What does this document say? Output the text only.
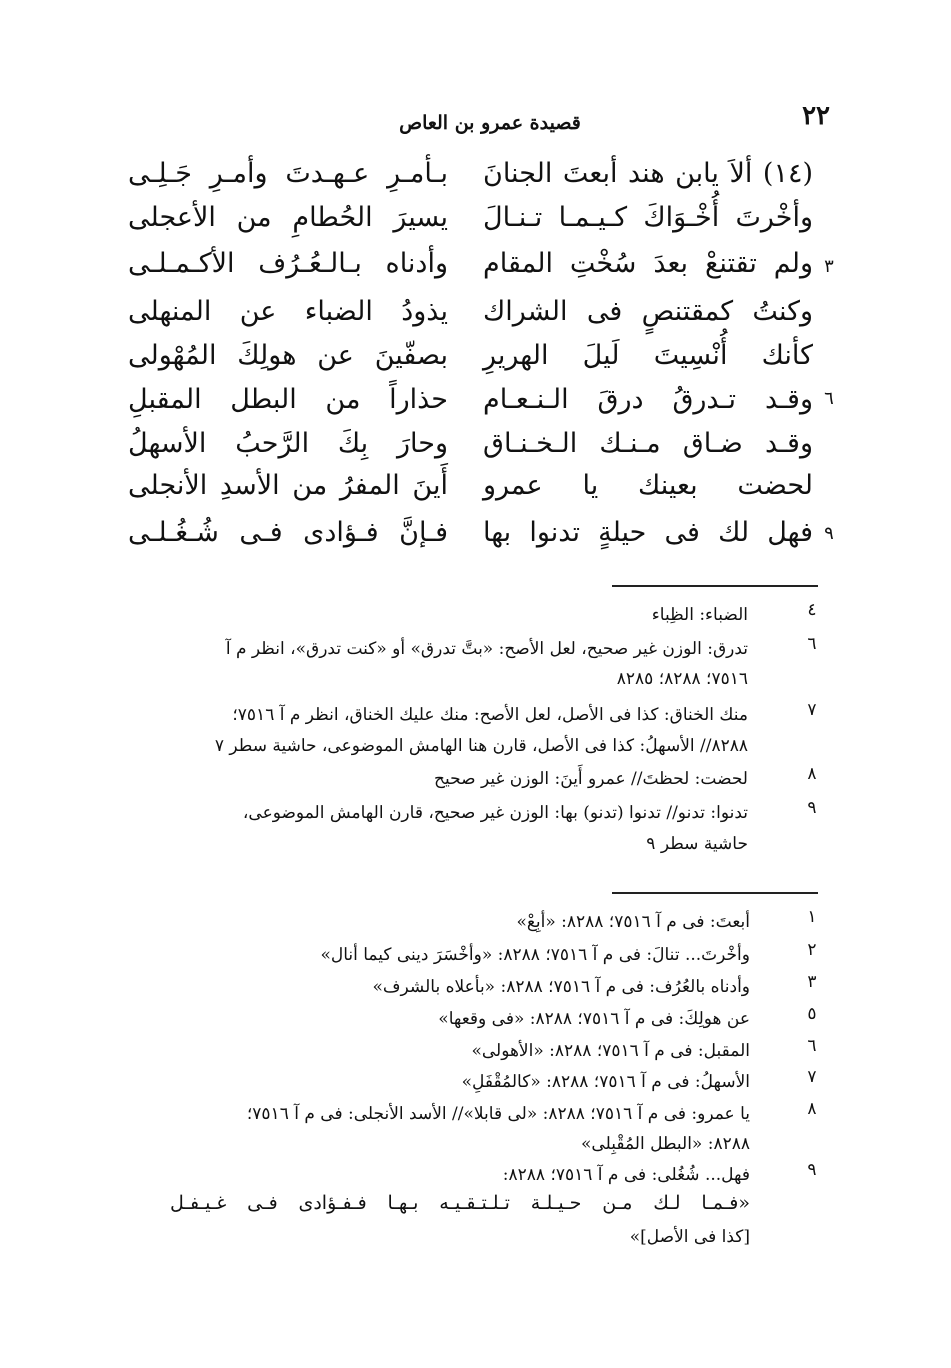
٢٢
قصيدة عمرو بن العاص
(١٤) ألاَ يابن هند أبعتَ الجنانَ
بـأمـرِ عـهـدتَ وأمـرِ جَـلِـى
وأخْرتَ أُخْـوَاكَ كـيـمـا تـنـالَ
يسيرَ الحُطامِ من الأعجلى
٣
ولم تقتنعْ بعدَ سُخْتِ المقام
وأدناه بـالـعُـرُف الأكـمـلـى
وكنتُ كمقتنصٍ فى الشراك
يذودُ الضباء عن المنهلى
كأنك أُنْسِيتَ لَيلَ الهريرِ
بصفّينَ عن هولِكَ المُهْولى
٦
وقـد تـدرقُ درقَ الـنـعـام
حذاراً من البطل المقبلِ
وقـد ضـاق مـنـك الـخـنـاق
وحارَ بِكَ الرَّحبُ الأسهلُ
لحضت بعينك يا عمرو
أَينَ المفرُ من الأسدِ الأنجلى
٩
فهل لك فى حيلةٍ تدنوا بها
فـإنَّ فـؤادى فـى شُـغُـلـى
٤
الضباء: الظِباء
٦
تدرق: الوزن غير صحيح، لعل الأصح: «بتَّ تدرق» أو «كنت تدرق»، انظر م آ
٧٥١٦؛ ٨٢٨٨؛ ٨٢٨٥
٧
منك الخناق: كذا فى الأصل، لعل الأصح: منك عليك الخناق، انظر م آ ٧٥١٦؛
٨٢٨٨// الأسهلُ: كذا فى الأصل، قارن هنا الهامش الموضوعى، حاشية سطر ٧
٨
لحضت: لحظتَ// عمرو أَينَ: الوزن غير صحيح
٩
تدنوا: تدنو// تدنوا (تدنو) بها: الوزن غير صحيح، قارن الهامش الموضوعى،
حاشية سطر ٩
١
أبعتَ: فى م آ ٧٥١٦؛ ٨٢٨٨: «أبِعْ»
٢
وأخْرتَ... تنالَ: فى م آ ٧٥١٦؛ ٨٢٨٨: «وأخْسَرَ دينى كيما أنال»
٣
وأدناه بالعُرُف: فى م آ ٧٥١٦؛ ٨٢٨٨: «بأعلاه بالشرف»
٥
عن هولِكَ: فى م آ ٧٥١٦؛ ٨٢٨٨: «فى وقعها»
٦
المقبل: فى م آ ٧٥١٦؛ ٨٢٨٨: «الأهولى»
٧
الأسهلُ: فى م آ ٧٥١٦؛ ٨٢٨٨: «كالمُقْفَلِ»
٨
يا عمرو: فى م آ ٧٥١٦؛ ٨٢٨٨: «لى قابلا»// الأسد الأنجلى: فى م آ ٧٥١٦؛
٨٢٨٨: «البطل المُقْبِلى»
٩
فهل... شُغُلى: فى م آ ٧٥١٦؛ ٨٢٨٨:
«فـمـا لـك مـن حـيـلـة تـلـتـقـيـه بـهـا فـفـؤادى فـى غـيـفـل
[كذا فى الأصل]»
